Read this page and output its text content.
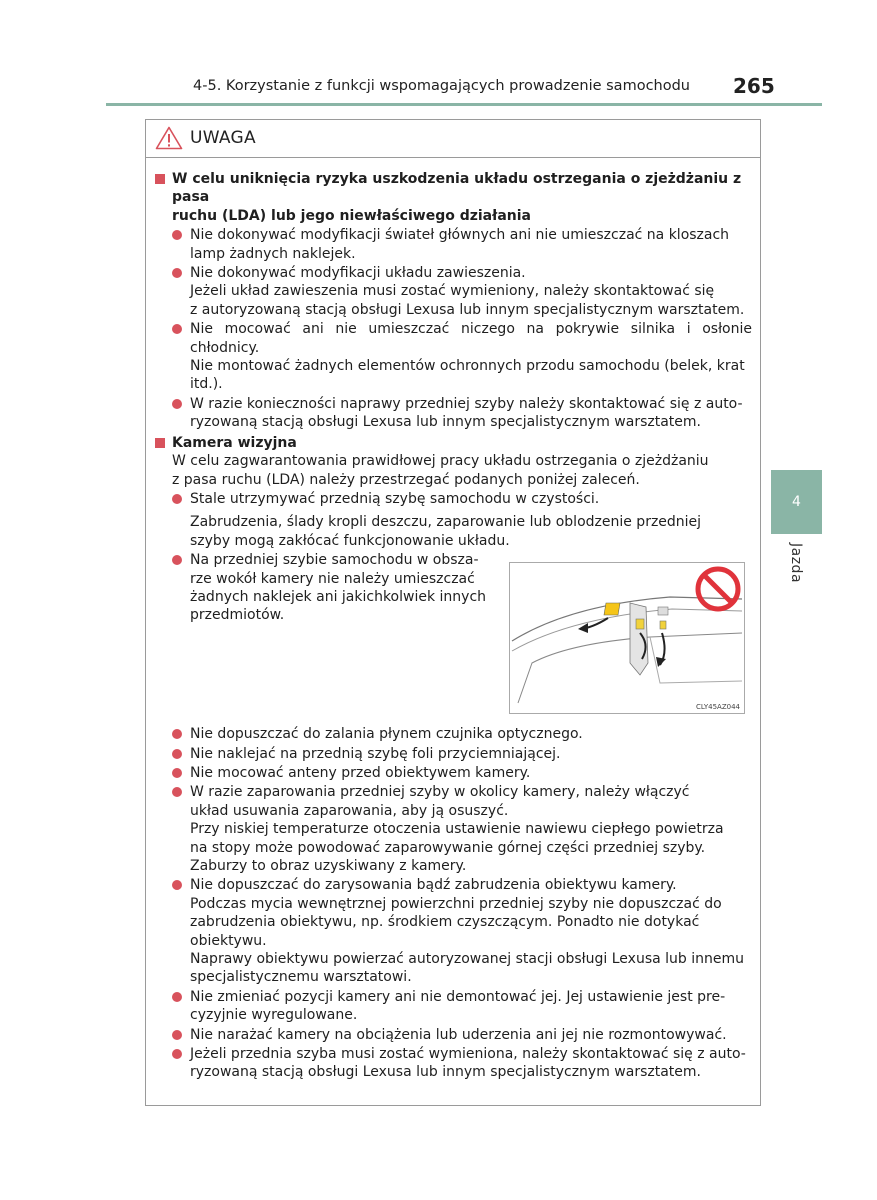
4-5. Korzystanie z funkcji wspomagających prowadzenie samochodu 265
UWAGA
W celu uniknięcia ryzyka uszkodzenia układu ostrzegania o zjeżdżaniu z pasa
ruchu (LDA) lub jego niewłaściwego działania
Nie dokonywać modyfikacji świateł głównych ani nie umieszczać na kloszach
lamp żadnych naklejek.
Nie dokonywać modyfikacji układu zawieszenia.
Jeżeli układ zawieszenia musi zostać wymieniony, należy skontaktować się
z autoryzowaną stacją obsługi Lexusa lub innym specjalistycznym warsztatem.
Nie mocować ani nie umieszczać niczego na pokrywie silnika i osłonie chłodnicy.
Nie montować żadnych elementów ochronnych przodu samochodu (belek, krat
itd.).
W razie konieczności naprawy przedniej szyby należy skontaktować się z auto-
ryzowaną stacją obsługi Lexusa lub innym specjalistycznym warsztatem.
Kamera wizyjna
W celu zagwarantowania prawidłowej pracy układu ostrzegania o zjeżdżaniu
z pasa ruchu (LDA) należy przestrzegać podanych poniżej zaleceń.
Stale utrzymywać przednią szybę samochodu w czystości.
Zabrudzenia, ślady kropli deszczu, zaparowanie lub oblodzenie przedniej
szyby mogą zakłócać funkcjonowanie układu.
Na przedniej szybie samochodu w obsza-
rze wokół kamery nie należy umieszczać
żadnych naklejek ani jakichkolwiek innych
przedmiotów.
Nie dopuszczać do zalania płynem czujnika optycznego.
Nie naklejać na przednią szybę foli przyciemniającej.
Nie mocować anteny przed obiektywem kamery.
W razie zaparowania przedniej szyby w okolicy kamery, należy włączyć
układ usuwania zaparowania, aby ją osuszyć.
Przy niskiej temperaturze otoczenia ustawienie nawiewu ciepłego powietrza
na stopy może powodować zaparowywanie górnej części przedniej szyby.
Zaburzy to obraz uzyskiwany z kamery.
Nie dopuszczać do zarysowania bądź zabrudzenia obiektywu kamery.
Podczas mycia wewnętrznej powierzchni przedniej szyby nie dopuszczać do
zabrudzenia obiektywu, np. środkiem czyszczącym. Ponadto nie dotykać
obiektywu.
Naprawy obiektywu powierzać autoryzowanej stacji obsługi Lexusa lub innemu
specjalistycznemu warsztatowi.
Nie zmieniać pozycji kamery ani nie demontować jej. Jej ustawienie jest pre-
cyzyjnie wyregulowane.
Nie narażać kamery na obciążenia lub uderzenia ani jej nie rozmontowywać.
Jeżeli przednia szyba musi zostać wymieniona, należy skontaktować się z auto-
ryzowaną stacją obsługi Lexusa lub innym specjalistycznym warsztatem.
CLY45AZ044
4
Jazda
